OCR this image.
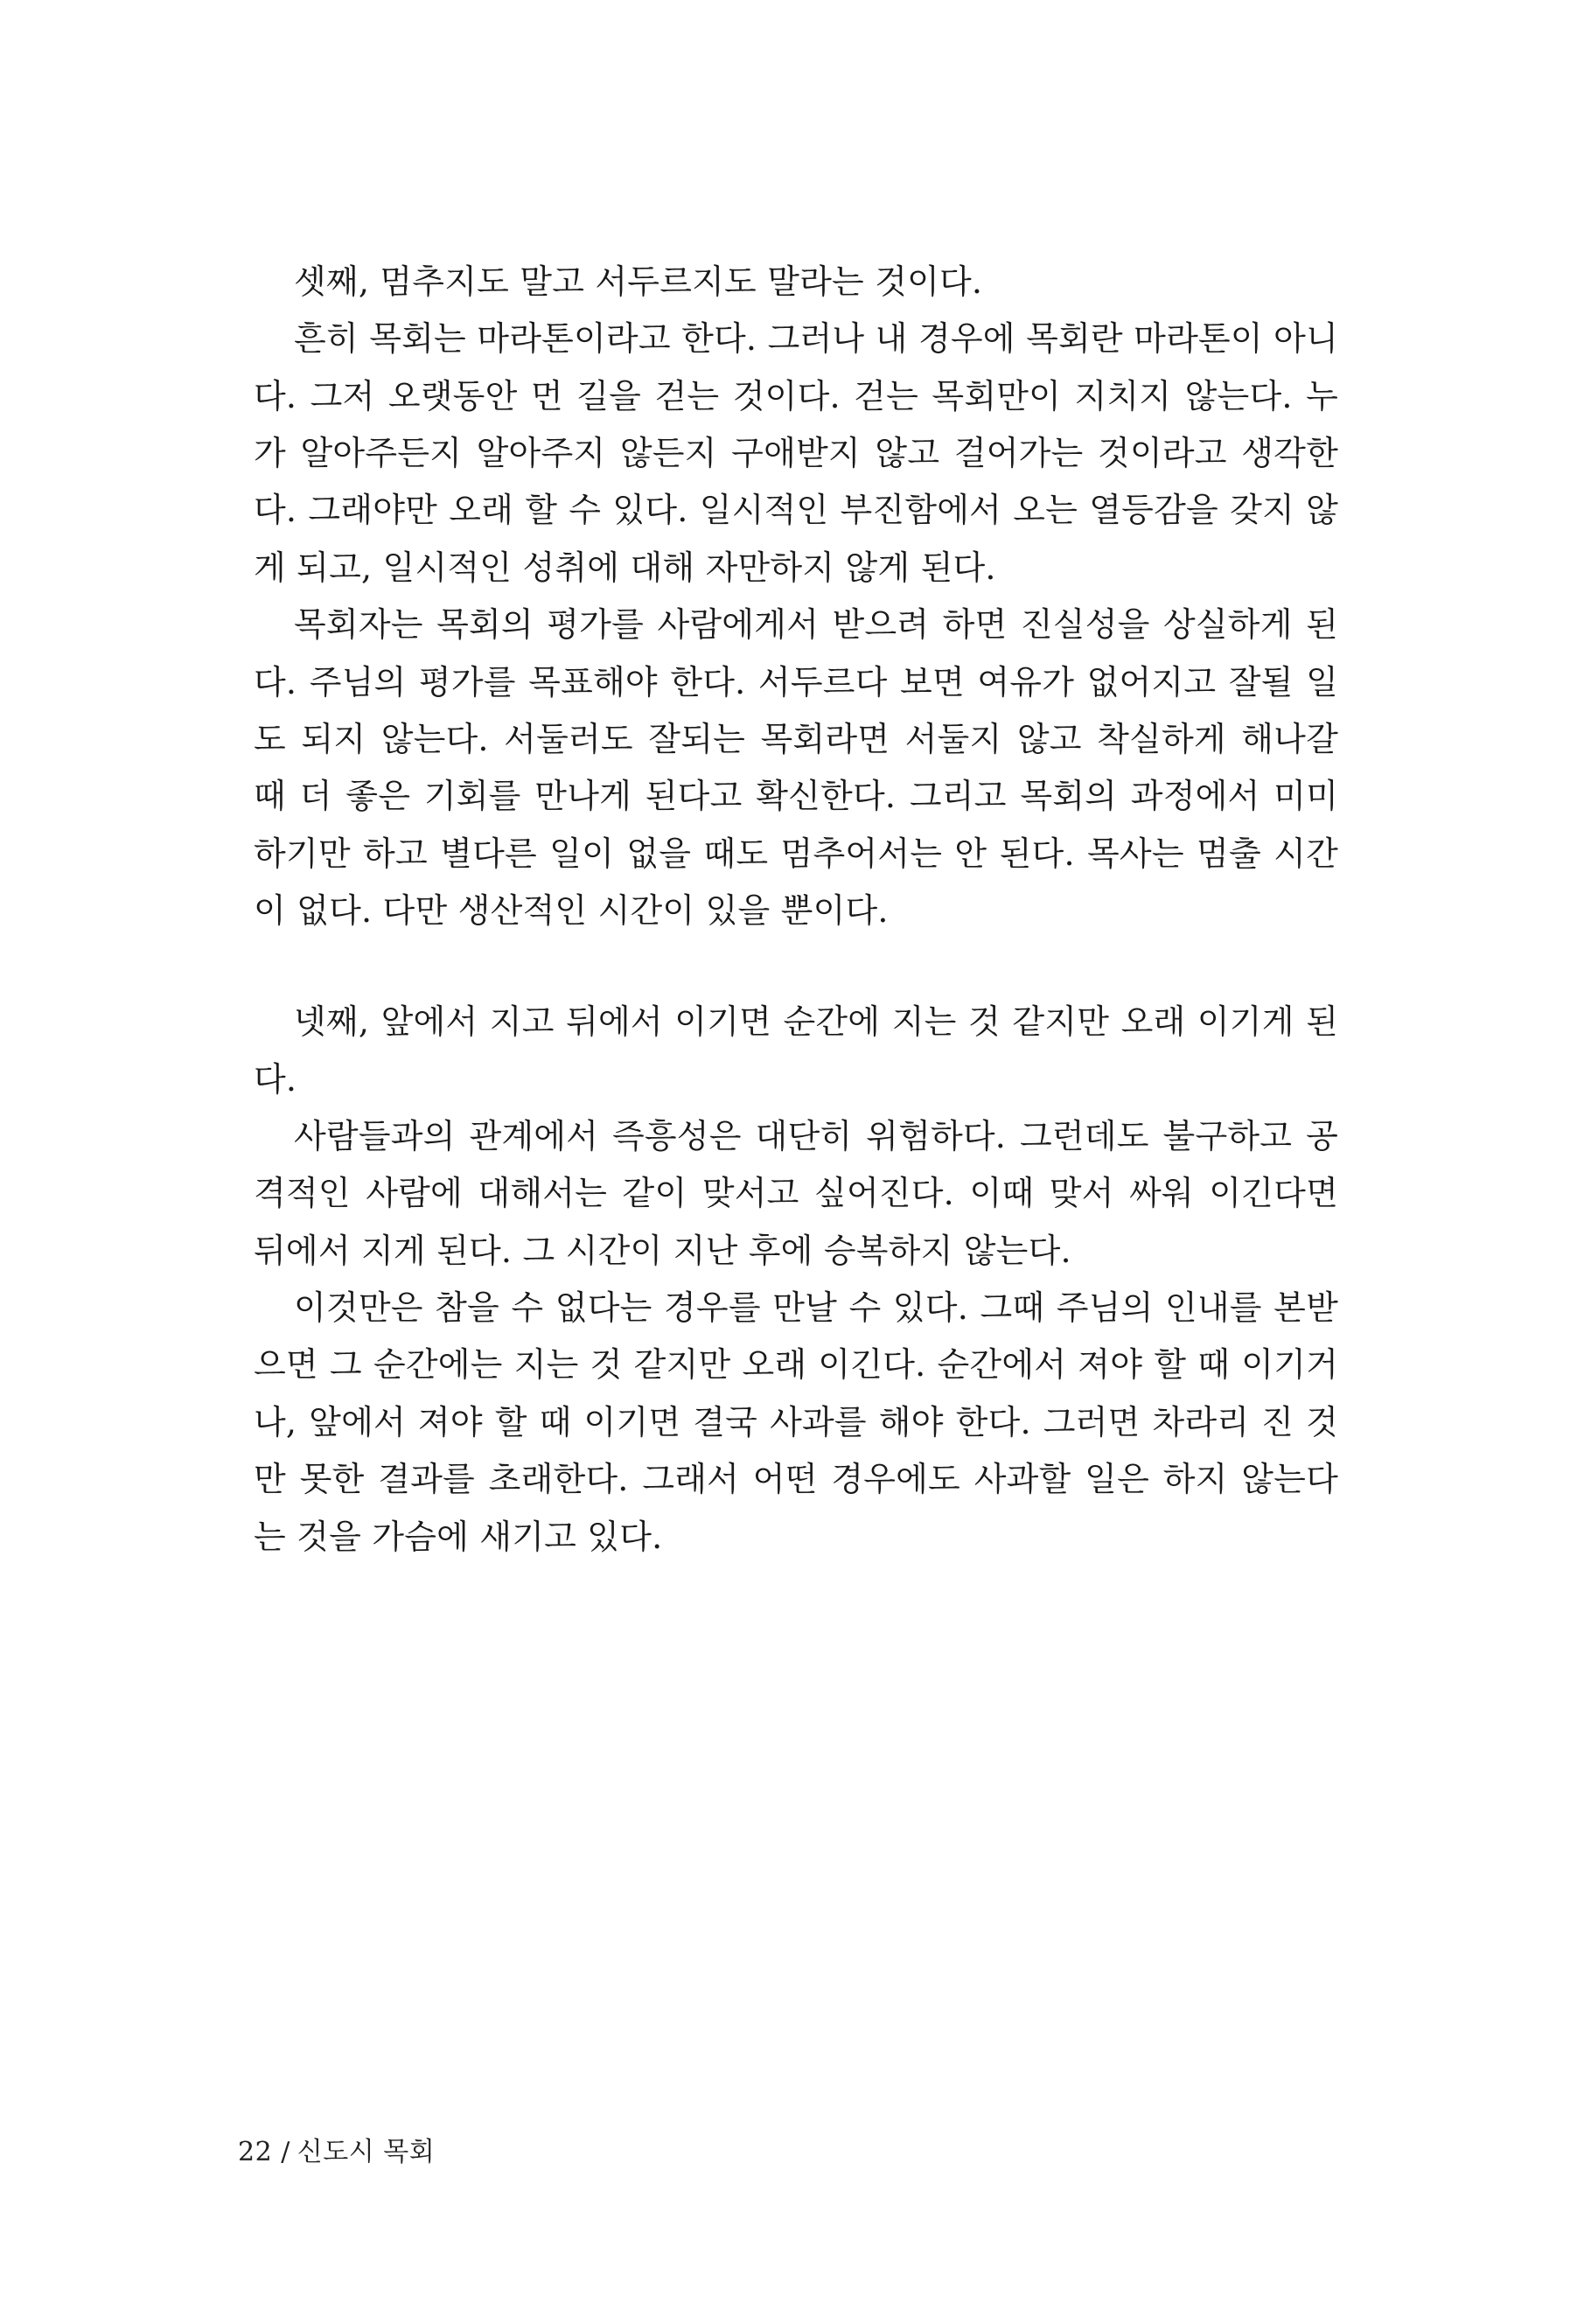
셋째, 멈추지도 말고 서두르지도 말라는 것이다.

흔히 목회는 마라톤이라고 한다. 그러나 내 경우에 목회란 마라톤이 아니다. 그저 오랫동안 먼 길을 걷는 것이다. 걷는 목회만이 지치지 않는다. 누가 알아주든지 알아주지 않든지 구애받지 않고 걸어가는 것이라고 생각한다. 그래야만 오래 할 수 있다. 일시적인 부진함에서 오는 열등감을 갖지 않게 되고, 일시적인 성취에 대해 자만하지 않게 된다.

목회자는 목회의 평가를 사람에게서 받으려 하면 진실성을 상실하게 된다. 주님의 평가를 목표해야 한다. 서두르다 보면 여유가 없어지고 잘될 일도 되지 않는다. 서둘러도 잘되는 목회라면 서둘지 않고 착실하게 해나갈 때 더 좋은 기회를 만나게 된다고 확신한다. 그리고 목회의 과정에서 미미하기만 하고 별다른 일이 없을 때도 멈추어서는 안 된다. 목사는 멈출 시간이 없다. 다만 생산적인 시간이 있을 뿐이다.

넷째, 앞에서 지고 뒤에서 이기면 순간에 지는 것 같지만 오래 이기게 된다.

사람들과의 관계에서 즉흥성은 대단히 위험하다. 그런데도 불구하고 공격적인 사람에 대해서는 같이 맞서고 싶어진다. 이때 맞서 싸워 이긴다면 뒤에서 지게 된다. 그 시간이 지난 후에 승복하지 않는다.

이것만은 참을 수 없다는 경우를 만날 수 있다. 그때 주님의 인내를 본받으면 그 순간에는 지는 것 같지만 오래 이긴다. 순간에서 져야 할 때 이기거나, 앞에서 져야 할 때 이기면 결국 사과를 해야 한다. 그러면 차라리 진 것만 못한 결과를 초래한다. 그래서 어떤 경우에도 사과할 일은 하지 않는다는 것을 가슴에 새기고 있다.

22 / 신도시 목회
